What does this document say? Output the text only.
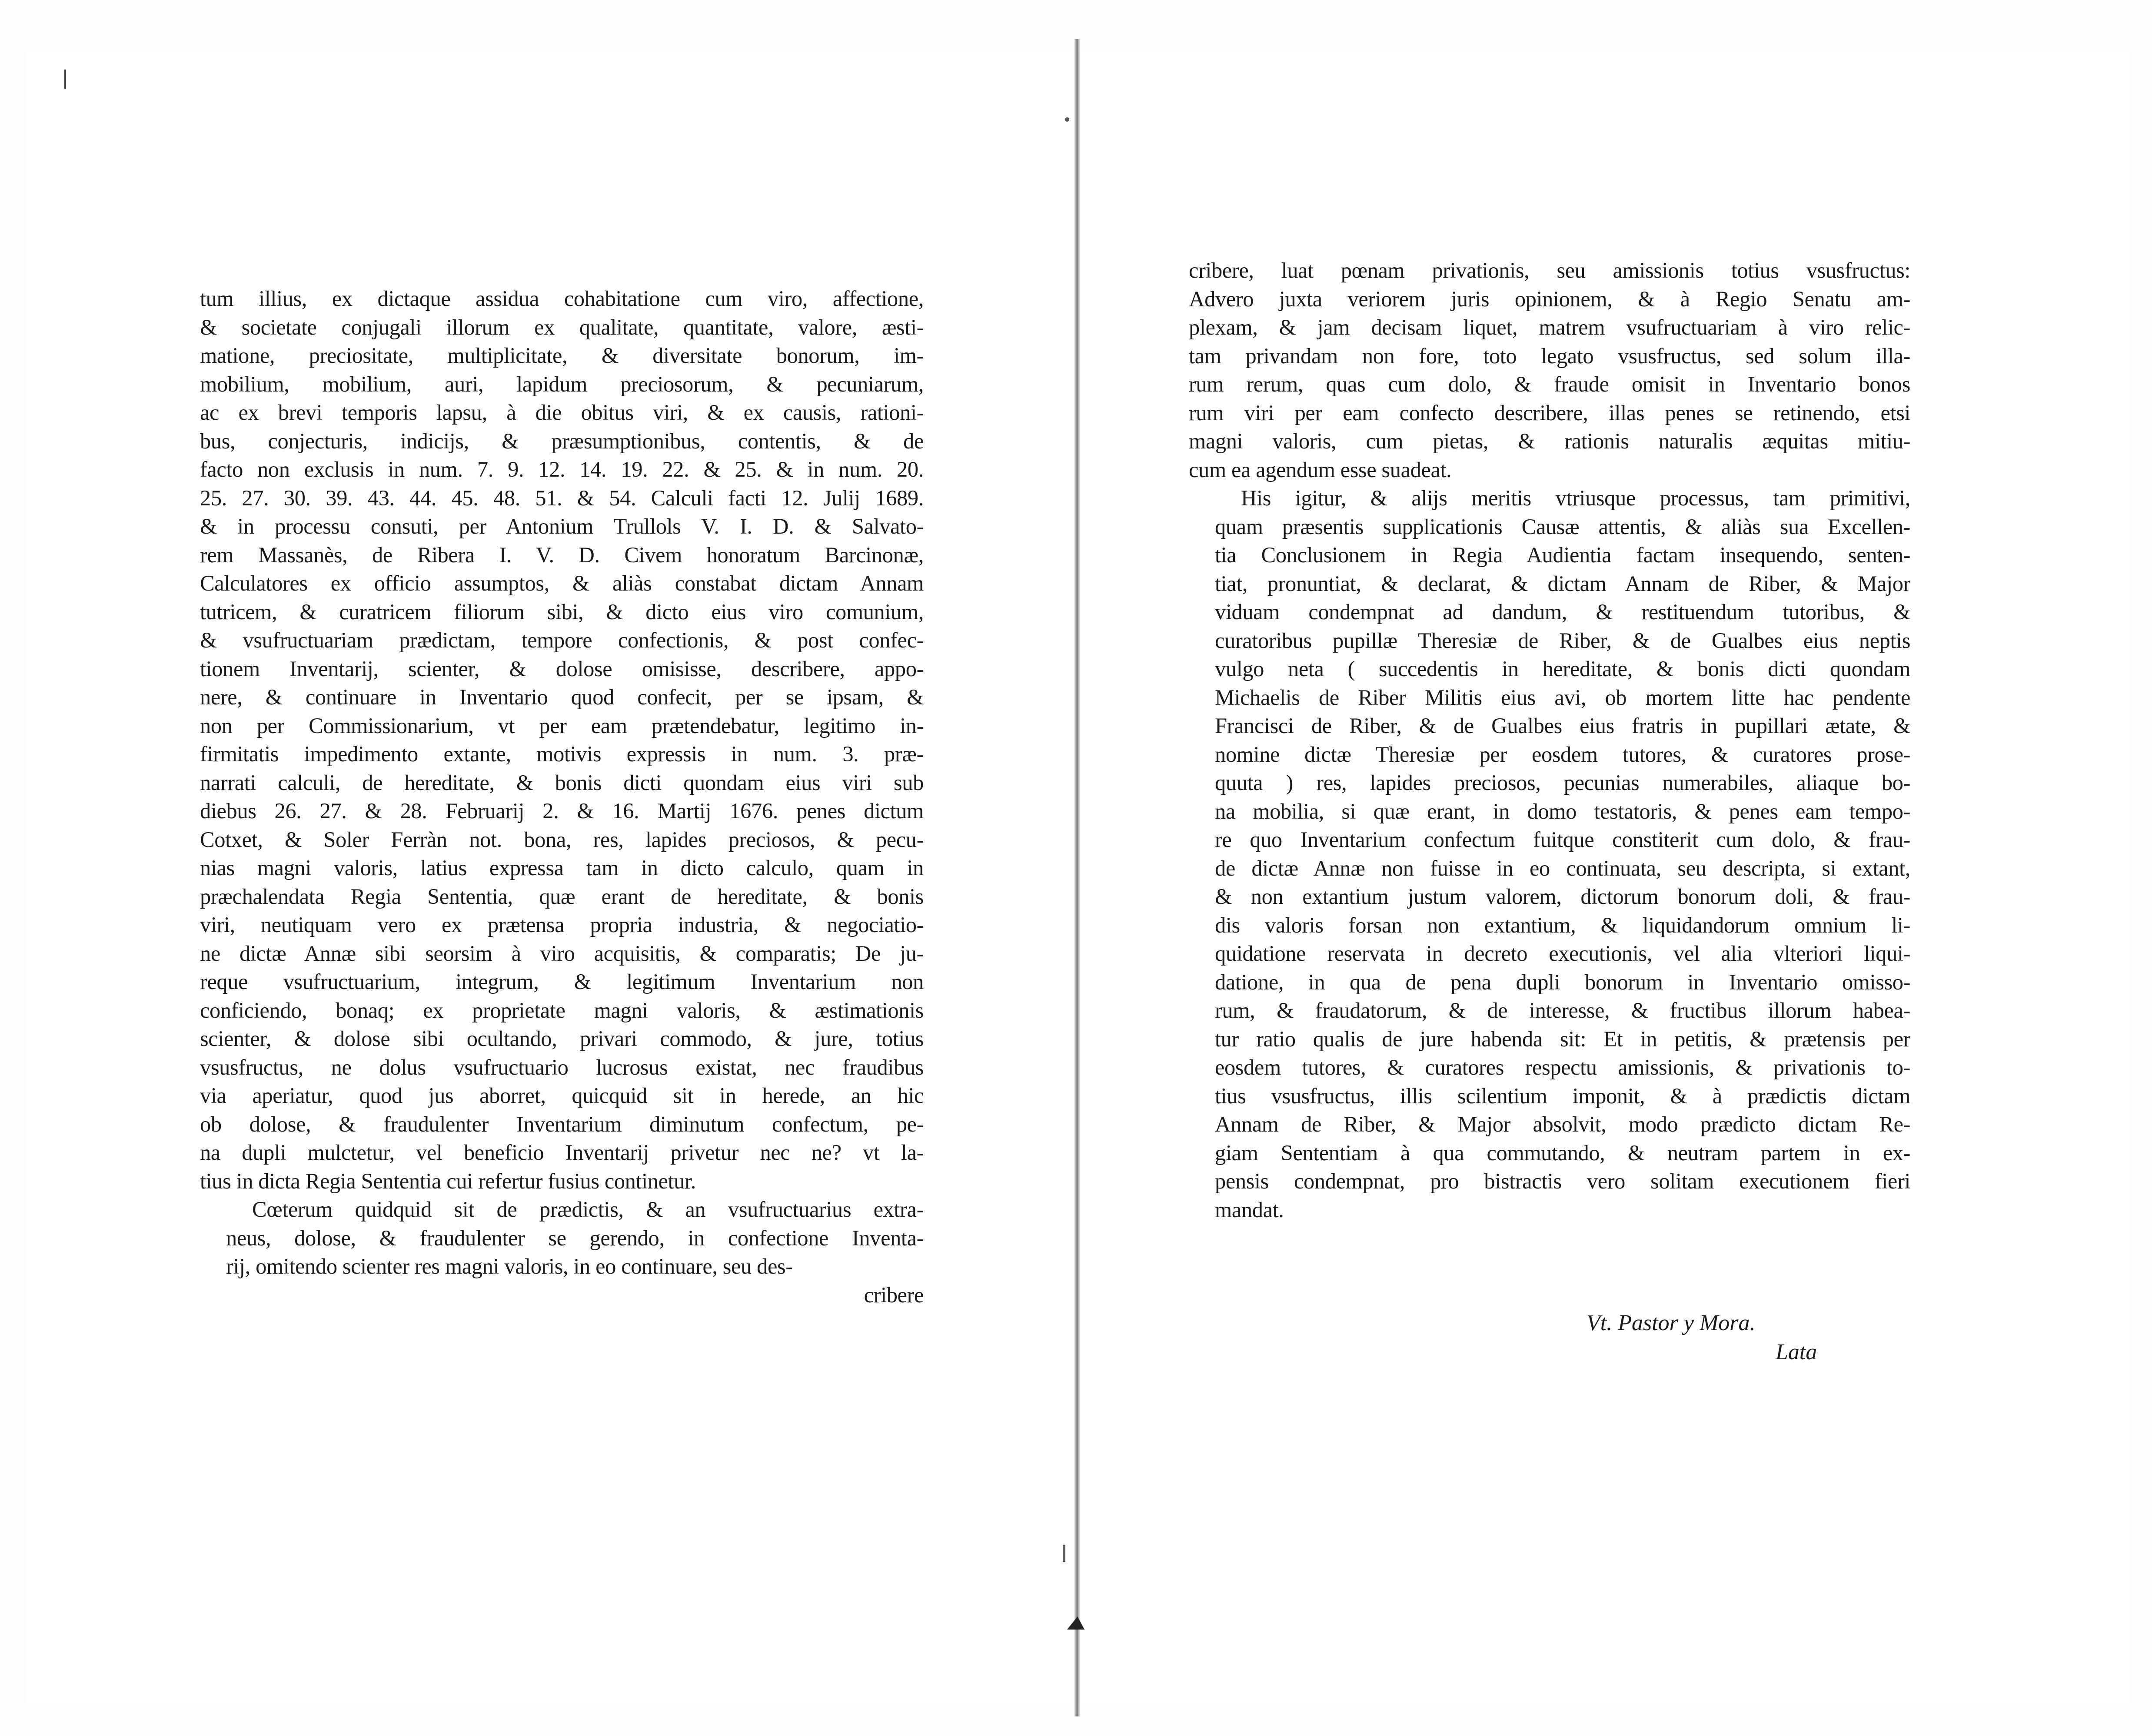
tum illius, ex dictaque assidua cohabitatione cum viro, affectione,
& societate conjugali illorum ex qualitate, quantitate, valore, æsti-
matione, preciositate, multiplicitate, & diversitate bonorum, im-
mobilium, mobilium, auri, lapidum preciosorum, & pecuniarum,
ac ex brevi temporis lapsu, à die obitus viri, & ex causis, rationi-
bus, conjecturis, indicijs, & præsumptionibus, contentis, & de
facto non exclusis in num. 7. 9. 12. 14. 19. 22. & 25. & in num. 20.
25. 27. 30. 39. 43. 44. 45. 48. 51. & 54. Calculi facti 12. Julij 1689.
& in processu consuti, per Antonium Trullols V. I. D. & Salvato-
rem Massanès, de Ribera I. V. D. Civem honoratum Barcinonæ,
Calculatores ex officio assumptos, & aliàs constabat dictam Annam
tutricem, & curatricem filiorum sibi, & dicto eius viro comunium,
& vsufructuariam prædictam, tempore confectionis, & post confec-
tionem Inventarij, scienter, & dolose omisisse, describere, appo-
nere, & continuare in Inventario quod confecit, per se ipsam, &
non per Commissionarium, vt per eam prætendebatur, legitimo in-
firmitatis impedimento extante, motivis expressis in num. 3. præ-
narrati calculi, de hereditate, & bonis dicti quondam eius viri sub
diebus 26. 27. & 28. Februarij 2. & 16. Martij 1676. penes dictum
Cotxet, & Soler Ferràn not. bona, res, lapides preciosos, & pecu-
nias magni valoris, latius expressa tam in dicto calculo, quam in
præchalendata Regia Sententia, quæ erant de hereditate, & bonis
viri, neutiquam vero ex prætensa propria industria, & negociatio-
ne dictæ Annæ sibi seorsim à viro acquisitis, & comparatis; De ju-
reque vsufructuarium, integrum, & legitimum Inventarium non
conficiendo, bonaq; ex proprietate magni valoris, & æstimationis
scienter, & dolose sibi ocultando, privari commodo, & jure, totius
vsusfructus, ne dolus vsufructuario lucrosus existat, nec fraudibus
via aperiatur, quod jus aborret, quicquid sit in herede, an hic
ob dolose, & fraudulenter Inventarium diminutum confectum, pe-
na dupli mulctetur, vel beneficio Inventarij privetur nec ne? vt la-
tius in dicta Regia Sententia cui refertur fusius continetur.
Cœterum quidquid sit de prædictis, & an vsufructuarius extra-
neus, dolose, & fraudulenter se gerendo, in confectione Inventa-
rij, omitendo scienter res magni valoris, in eo continuare, seu des-
cribere
cribere, luat pœnam privationis, seu amissionis totius vsusfructus:
Advero juxta veriorem juris opinionem, & à Regio Senatu am-
plexam, & jam decisam liquet, matrem vsufructuariam à viro relic-
tam privandam non fore, toto legato vsusfructus, sed solum illa-
rum rerum, quas cum dolo, & fraude omisit in Inventario bonos
rum viri per eam confecto describere, illas penes se retinendo, etsi
magni valoris, cum pietas, & rationis naturalis æquitas mitiu-
cum ea agendum esse suadeat.
His igitur, & alijs meritis vtriusque processus, tam primitivi,
quam præsentis supplicationis Causæ attentis, & aliàs sua Excellen-
tia Conclusionem in Regia Audientia factam insequendo, senten-
tiat, pronuntiat, & declarat, & dictam Annam de Riber, & Major
viduam condempnat ad dandum, & restituendum tutoribus, &
curatoribus pupillæ Theresiæ de Riber, & de Gualbes eius neptis
vulgo neta ( succedentis in hereditate, & bonis dicti quondam
Michaelis de Riber Militis eius avi, ob mortem litte hac pendente
Francisci de Riber, & de Gualbes eius fratris in pupillari ætate, &
nomine dictæ Theresiæ per eosdem tutores, & curatores prose-
quuta ) res, lapides preciosos, pecunias numerabiles, aliaque bo-
na mobilia, si quæ erant, in domo testatoris, & penes eam tempo-
re quo Inventarium confectum fuitque constiterit cum dolo, & frau-
de dictæ Annæ non fuisse in eo continuata, seu descripta, si extant,
& non extantium justum valorem, dictorum bonorum doli, & frau-
dis valoris forsan non extantium, & liquidandorum omnium li-
quidatione reservata in decreto executionis, vel alia vlteriori liqui-
datione, in qua de pena dupli bonorum in Inventario omisso-
rum, & fraudatorum, & de interesse, & fructibus illorum habea-
tur ratio qualis de jure habenda sit: Et in petitis, & prætensis per
eosdem tutores, & curatores respectu amissionis, & privationis to-
tius vsusfructus, illis scilentium imponit, & à prædictis dictam
Annam de Riber, & Major absolvit, modo prædicto dictam Re-
giam Sententiam à qua commutando, & neutram partem in ex-
pensis condempnat, pro bistractis vero solitam executionem fieri
mandat.
Vt. Pastor y Mora.
Lata
